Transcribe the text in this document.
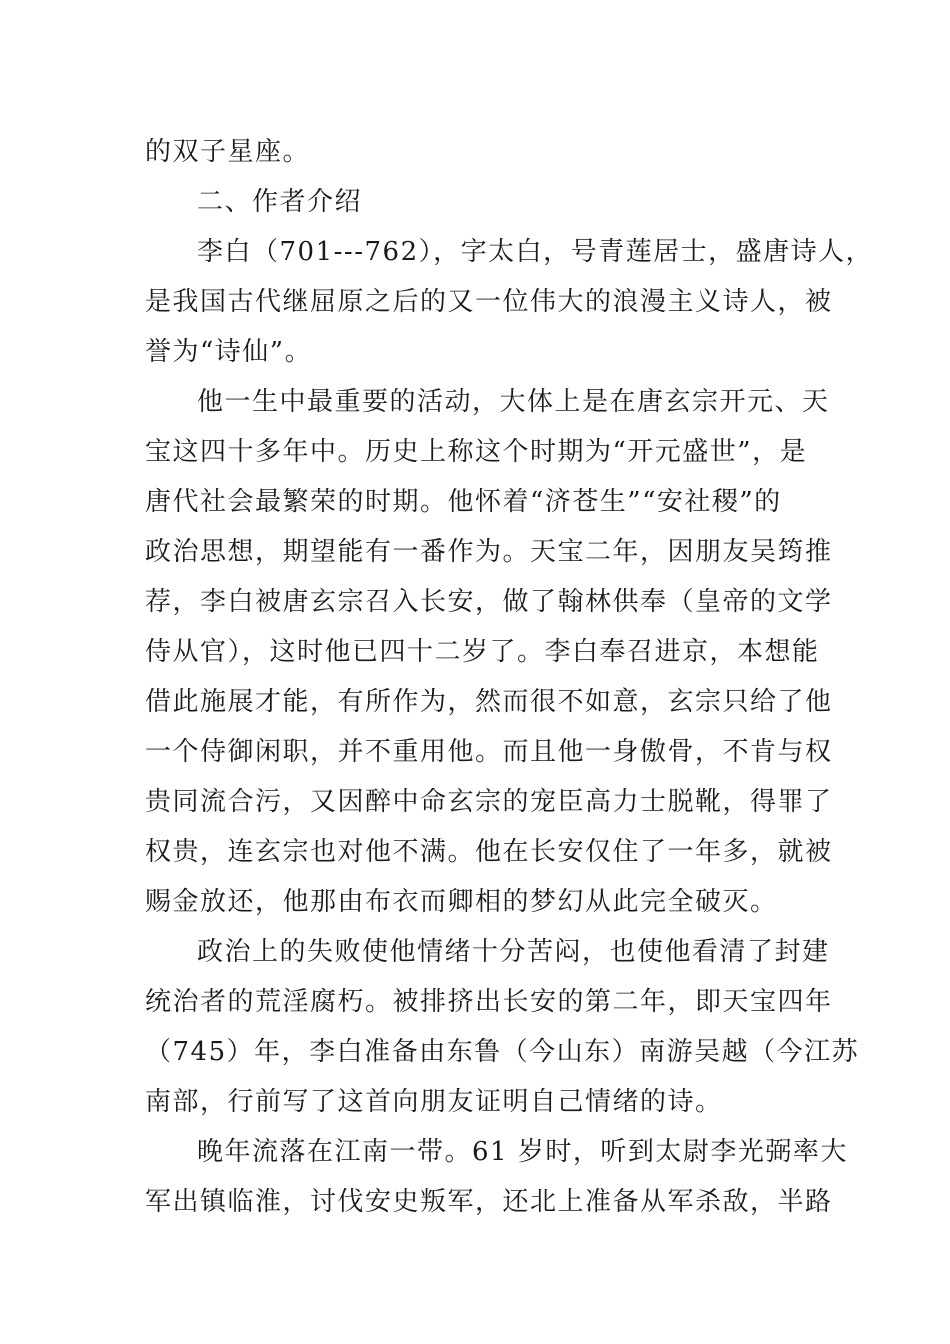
的双子星座。
二、作者介绍
李白（701---762），字太白，号青莲居士，盛唐诗人，
是我国古代继屈原之后的又一位伟大的浪漫主义诗人，被
誉为“诗仙”。
他一生中最重要的活动，大体上是在唐玄宗开元、天
宝这四十多年中。历史上称这个时期为“开元盛世”，是
唐代社会最繁荣的时期。他怀着“济苍生”“安社稷”的
政治思想，期望能有一番作为。天宝二年，因朋友吴筠推
荐，李白被唐玄宗召入长安，做了翰林供奉（皇帝的文学
侍从官），这时他已四十二岁了。李白奉召进京，本想能
借此施展才能，有所作为，然而很不如意，玄宗只给了他
一个侍御闲职，并不重用他。而且他一身傲骨，不肯与权
贵同流合污，又因醉中命玄宗的宠臣高力士脱靴，得罪了
权贵，连玄宗也对他不满。他在长安仅住了一年多，就被
赐金放还，他那由布衣而卿相的梦幻从此完全破灭。
政治上的失败使他情绪十分苦闷，也使他看清了封建
统治者的荒淫腐朽。被排挤出长安的第二年，即天宝四年
（745）年，李白准备由东鲁（今山东）南游吴越（今江苏
南部，行前写了这首向朋友证明自己情绪的诗。
晚年流落在江南一带。61 岁时，听到太尉李光弼率大
军出镇临淮，讨伐安史叛军，还北上准备从军杀敌，半路
